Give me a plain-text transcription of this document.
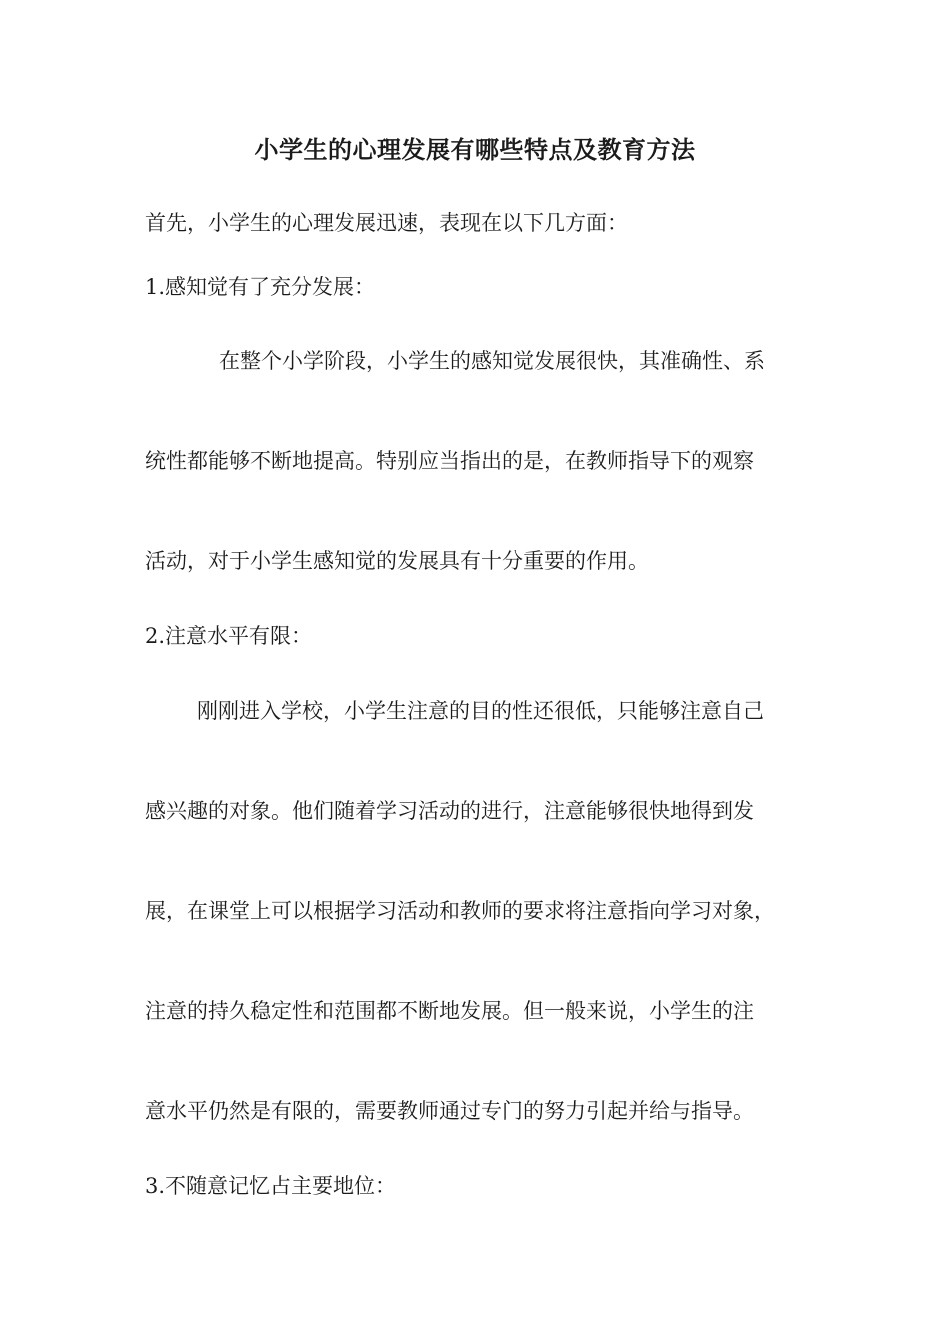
小学生的心理发展有哪些特点及教育方法

首先，小学生的心理发展迅速，表现在以下几方面：

1.感知觉有了充分发展：

在整个小学阶段，小学生的感知觉发展很快，其准确性、系

统性都能够不断地提高。特别应当指出的是，在教师指导下的观察

活动，对于小学生感知觉的发展具有十分重要的作用。

2.注意水平有限：

刚刚进入学校，小学生注意的目的性还很低，只能够注意自己

感兴趣的对象。他们随着学习活动的进行，注意能够很快地得到发

展，在课堂上可以根据学习活动和教师的要求将注意指向学习对象，

注意的持久稳定性和范围都不断地发展。但一般来说，小学生的注

意水平仍然是有限的，需要教师通过专门的努力引起并给与指导。

3.不随意记忆占主要地位：
